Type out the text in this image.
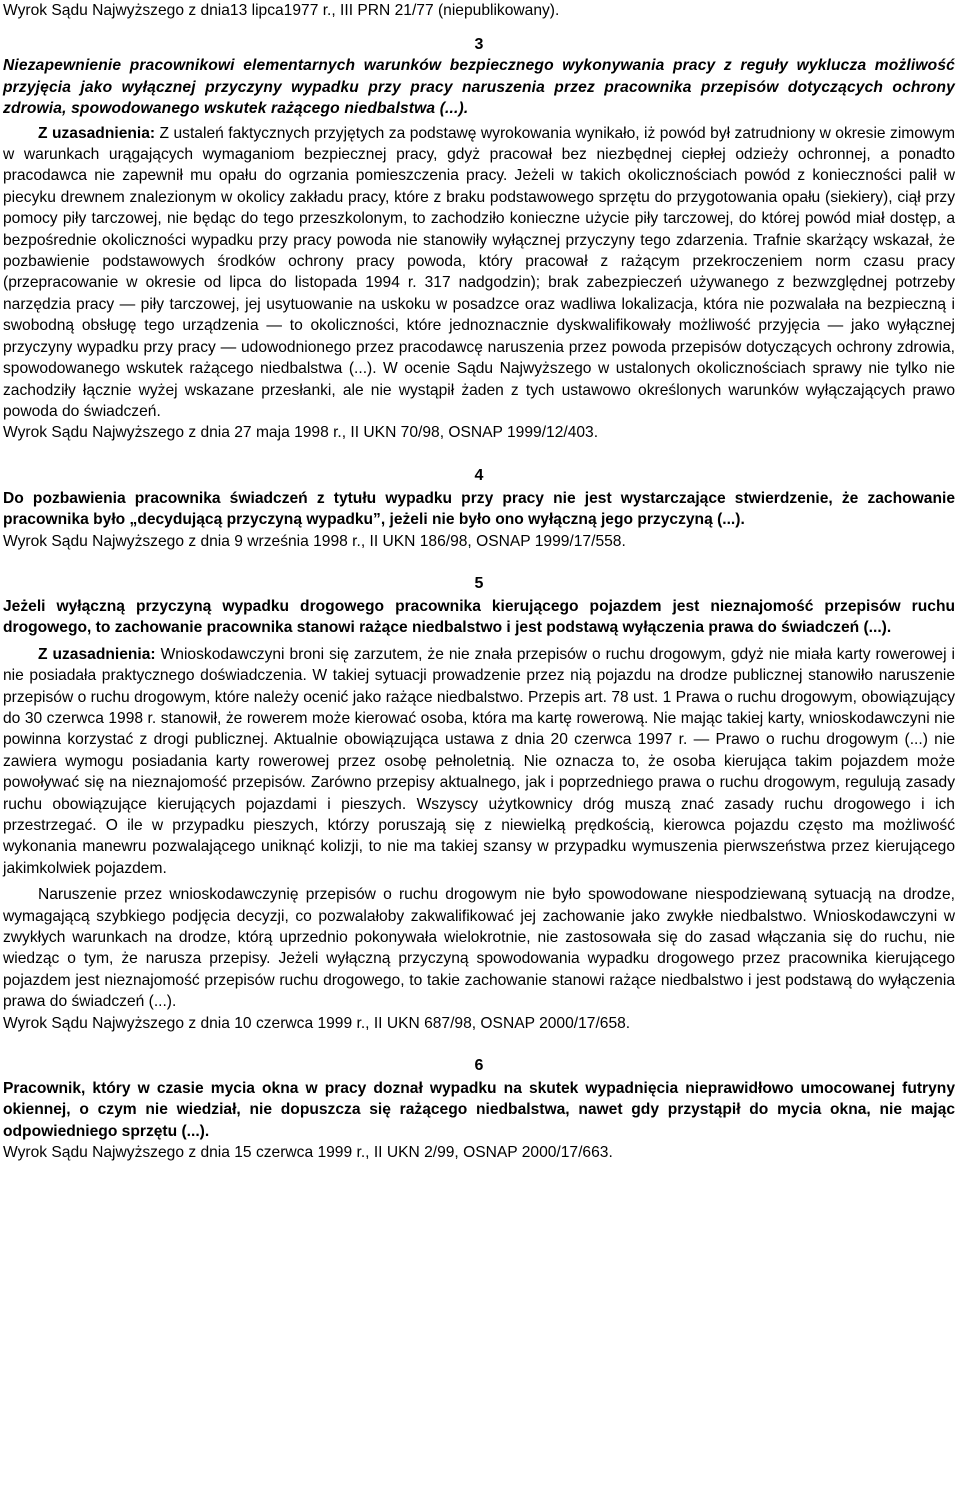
Wyrok Sądu Najwyższego z dnia13 lipca1977 r., III PRN 21/77 (niepublikowany).

3

Niezapewnienie pracownikowi elementarnych warunków bezpiecznego wykonywania pracy z reguły wyklucza możliwość przyjęcia jako wyłącznej przyczyny wypadku przy pracy naruszenia przez pracownika przepisów dotyczących ochrony zdrowia, spowodowanego wskutek rażącego niedbalstwa (...).

Z uzasadnienia: Z ustaleń faktycznych przyjętych za podstawę wyrokowania wynikało, iż powód był zatrudniony w okresie zimowym w warunkach urągających wymaganiom bezpiecznej pracy, gdyż pracował bez niezbędnej ciepłej odzieży ochronnej, a ponadto pracodawca nie zapewnił mu opału do ogrzania pomieszczenia pracy. Jeżeli w takich okolicznościach powód z konieczności palił w piecyku drewnem znalezionym w okolicy zakładu pracy, które z braku podstawowego sprzętu do przygotowania opału (siekiery), ciął przy pomocy piły tarczowej, nie będąc do tego przeszkolonym, to zachodziło konieczne użycie piły tarczowej, do której powód miał dostęp, a bezpośrednie okoliczności wypadku przy pracy powoda nie stanowiły wyłącznej przyczyny tego zdarzenia. Trafnie skarżący wskazał, że pozbawienie podstawowych środków ochrony pracy powoda, który pracował z rażącym przekroczeniem norm czasu pracy (przepracowanie w okresie od lipca do listopada 1994 r. 317 nadgodzin); brak zabezpieczeń używanego z bezwzględnej potrzeby narzędzia pracy — piły tarczowej, jej usytuowanie na uskoku w posadzce oraz wadliwa lokalizacja, która nie pozwalała na bezpieczną i swobodną obsługę tego urządzenia — to okoliczności, które jednoznacznie dyskwalifikowały możliwość przyjęcia — jako wyłącznej przyczyny wypadku przy pracy — udowodnionego przez pracodawcę naruszenia przez powoda przepisów dotyczących ochrony zdrowia, spowodowanego wskutek rażącego niedbalstwa (...). W ocenie Sądu Najwyższego w ustalonych okolicznościach sprawy nie tylko nie zachodziły łącznie wyżej wskazane przesłanki, ale nie wystąpił żaden z tych ustawowo określonych warunków wyłączających prawo powoda do świadczeń.

Wyrok Sądu Najwyższego z dnia 27 maja 1998 r., II UKN 70/98, OSNAP 1999/12/403.

4

Do pozbawienia pracownika świadczeń z tytułu wypadku przy pracy nie jest wystarczające stwierdzenie, że zachowanie pracownika było „decydującą przyczyną wypadku”, jeżeli nie było ono wyłączną jego przyczyną (...).

Wyrok Sądu Najwyższego z dnia 9 września 1998 r., II UKN 186/98, OSNAP 1999/17/558.

5

Jeżeli wyłączną przyczyną wypadku drogowego pracownika kierującego pojazdem jest nieznajomość przepisów ruchu drogowego, to zachowanie pracownika stanowi rażące niedbalstwo i jest podstawą wyłączenia prawa do świadczeń (...).

Z uzasadnienia: Wnioskodawczyni broni się zarzutem, że nie znała przepisów o ruchu drogowym, gdyż nie miała karty rowerowej i nie posiadała praktycznego doświadczenia. W takiej sytuacji prowadzenie przez nią pojazdu na drodze publicznej stanowiło naruszenie przepisów o ruchu drogowym, które należy ocenić jako rażące niedbalstwo. Przepis art. 78 ust. 1 Prawa o ruchu drogowym, obowiązujący do 30 czerwca 1998 r. stanowił, że rowerem może kierować osoba, która ma kartę rowerową. Nie mając takiej karty, wnioskodawczyni nie powinna korzystać z drogi publicznej. Aktualnie obowiązująca ustawa z dnia 20 czerwca 1997 r. — Prawo o ruchu drogowym (...) nie zawiera wymogu posiadania karty rowerowej przez osobę pełnoletnią. Nie oznacza to, że osoba kierująca takim pojazdem może powoływać się na nieznajomość przepisów. Zarówno przepisy aktualnego, jak i poprzedniego prawa o ruchu drogowym, regulują zasady ruchu obowiązujące kierujących pojazdami i pieszych. Wszyscy użytkownicy dróg muszą znać zasady ruchu drogowego i ich przestrzegać. O ile w przypadku pieszych, którzy poruszają się z niewielką prędkością, kierowca pojazdu często ma możliwość wykonania manewru pozwalającego uniknąć kolizji, to nie ma takiej szansy w przypadku wymuszenia pierwszeństwa przez kierującego jakimkolwiek pojazdem.

Naruszenie przez wnioskodawczynię przepisów o ruchu drogowym nie było spowodowane niespodziewaną sytuacją na drodze, wymagającą szybkiego podjęcia decyzji, co pozwalałoby zakwalifikować jej zachowanie jako zwykłe niedbalstwo. Wnioskodawczyni w zwykłych warunkach na drodze, którą uprzednio pokonywała wielokrotnie, nie zastosowała się do zasad włączania się do ruchu, nie wiedząc o tym, że narusza przepisy. Jeżeli wyłączną przyczyną spowodowania wypadku drogowego przez pracownika kierującego pojazdem jest nieznajomość przepisów ruchu drogowego, to takie zachowanie stanowi rażące niedbalstwo i jest podstawą do wyłączenia prawa do świadczeń (...).

Wyrok Sądu Najwyższego z dnia 10 czerwca 1999 r., II UKN 687/98, OSNAP 2000/17/658.

6

Pracownik, który w czasie mycia okna w pracy doznał wypadku na skutek wypadnięcia nieprawidłowo umocowanej futryny okiennej, o czym nie wiedział, nie dopuszcza się rażącego niedbalstwa, nawet gdy przystąpił do mycia okna, nie mając odpowiedniego sprzętu (...).

Wyrok Sądu Najwyższego z dnia 15 czerwca 1999 r., II UKN 2/99, OSNAP 2000/17/663.
